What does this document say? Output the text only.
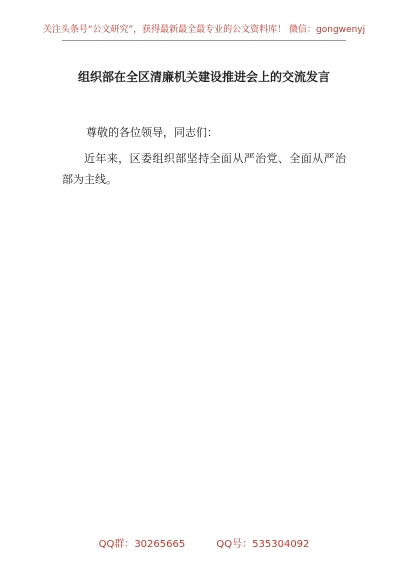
关注头条号“公文研究”，获得最新最全最专业的公文资料库！ 微信：gongwenyj
组织部在全区清廉机关建设推进会上的交流发言
尊敬的各位领导，同志们：
近年来，区委组织部坚持全面从严治党、全面从严治部为主线。
QQ群：30265665	QQ号：535304092
